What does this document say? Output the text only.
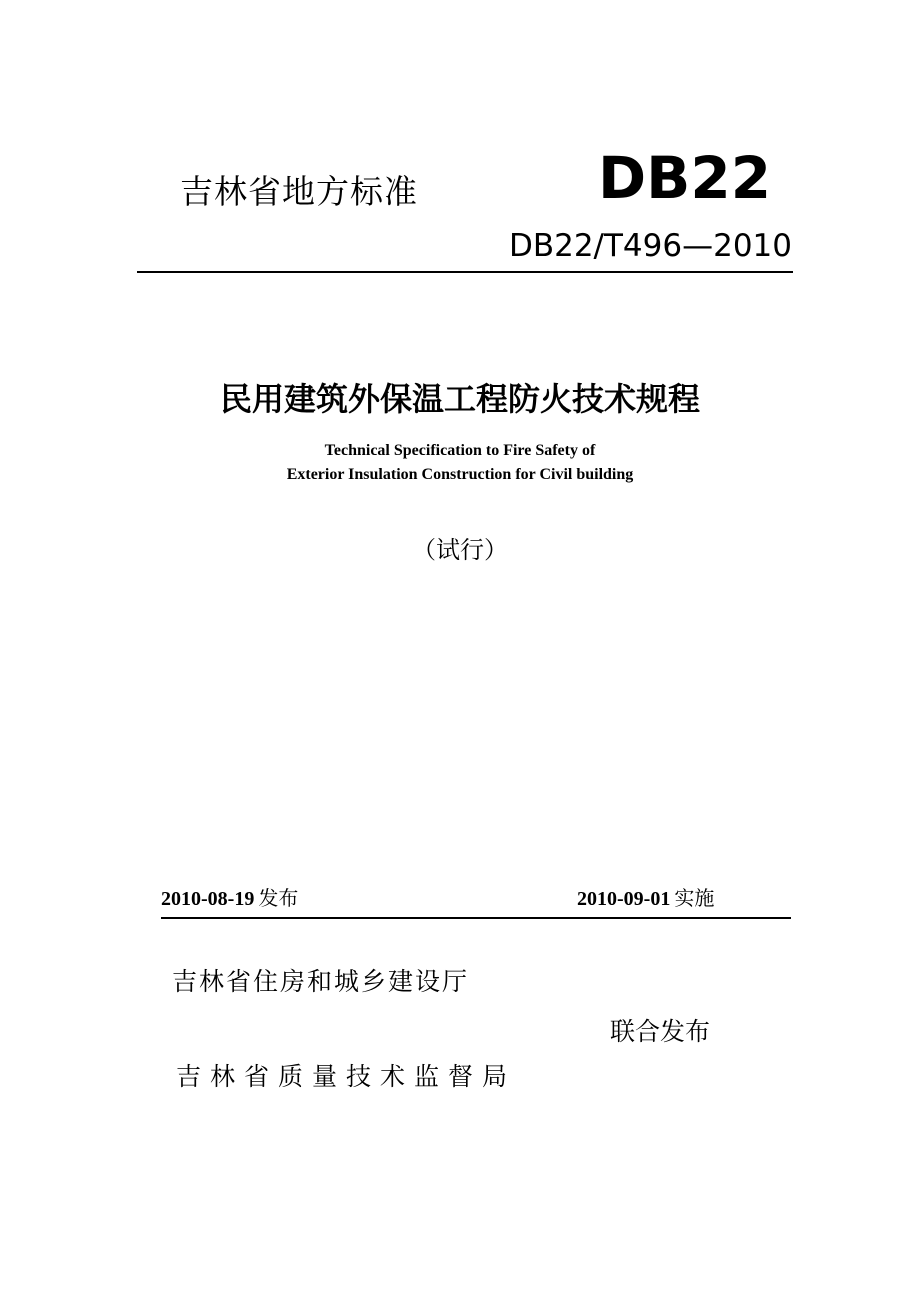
吉林省地方标准	DB22
DB22/T496—2010
民用建筑外保温工程防火技术规程
Technical Specification to Fire Safety of
Exterior Insulation Construction for Civil building
（试行）
2010-08-19 发布	2010-09-01 实施
吉林省住房和城乡建设厅
联合发布
吉林省质量技术监督局
